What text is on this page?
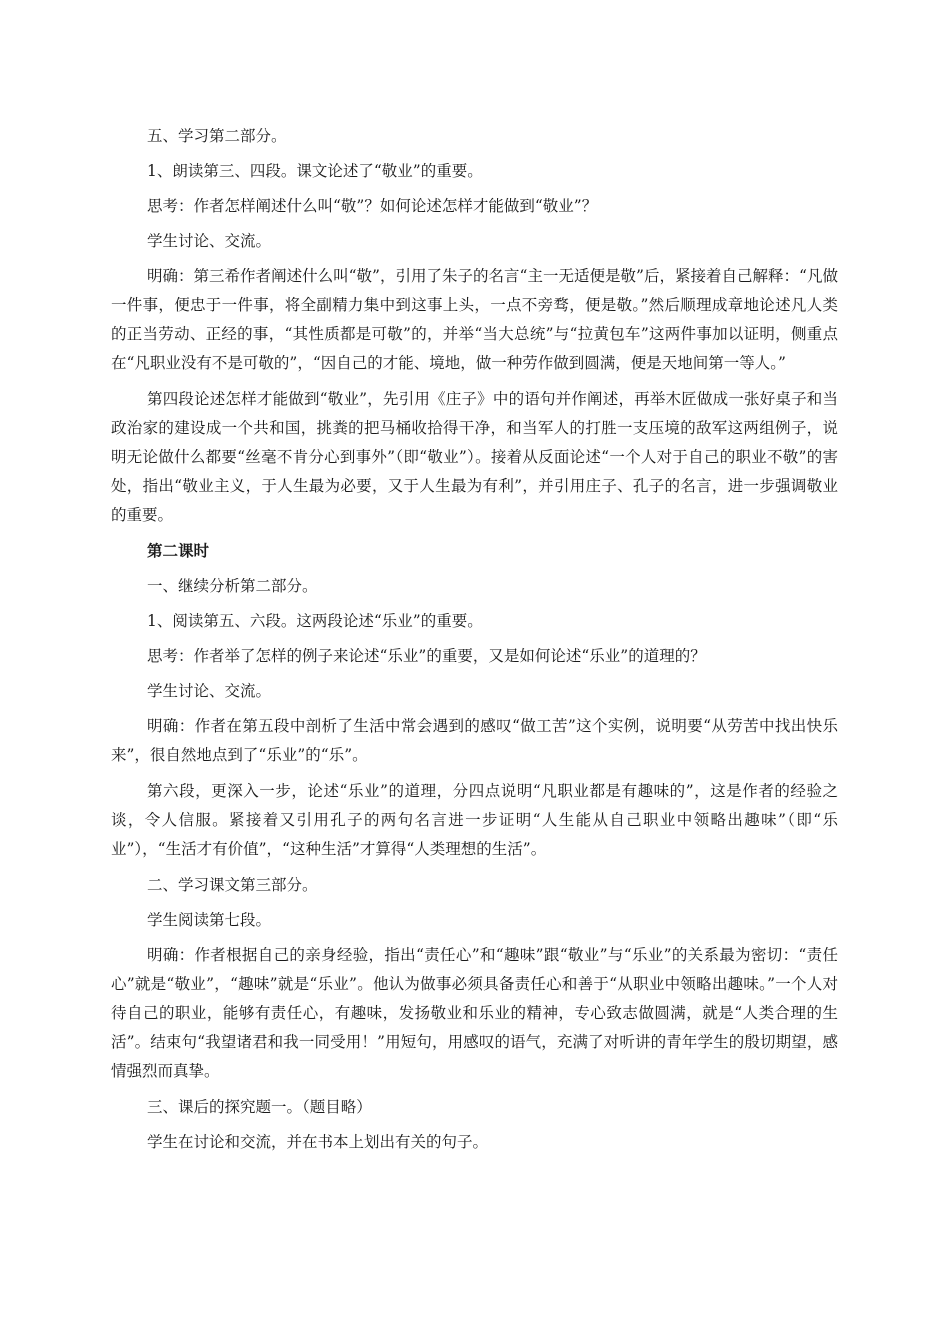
五、学习第二部分。

1、朗读第三、四段。课文论述了“敬业”的重要。

思考：作者怎样阐述什么叫“敬”？如何论述怎样才能做到“敬业”？

学生讨论、交流。

明确：第三希作者阐述什么叫“敬”，引用了朱子的名言“主一无适便是敬”后，紧接着自己解释：“凡做一件事，便忠于一件事，将全副精力集中到这事上头，一点不旁骛，便是敬。”然后顺理成章地论述凡人类的正当劳动、正经的事，“其性质都是可敬”的，并举“当大总统”与“拉黄包车”这两件事加以证明，侧重点在“凡职业没有不是可敬的”，“因自己的才能、境地，做一种劳作做到圆满，便是天地间第一等人。”

第四段论述怎样才能做到“敬业”，先引用《庄子》中的语句并作阐述，再举木匠做成一张好桌子和当政治家的建设成一个共和国，挑粪的把马桶收拾得干净，和当军人的打胜一支压境的敌军这两组例子，说明无论做什么都要“丝毫不肯分心到事外”（即“敬业”）。接着从反面论述“一个人对于自己的职业不敬”的害处，指出“敬业主义，于人生最为必要，又于人生最为有利”，并引用庄子、孔子的名言，进一步强调敬业的重要。

第二课时

一、继续分析第二部分。

1、阅读第五、六段。这两段论述“乐业”的重要。

思考：作者举了怎样的例子来论述“乐业”的重要，又是如何论述“乐业”的道理的？

学生讨论、交流。

明确：作者在第五段中剖析了生活中常会遇到的感叹“做工苦”这个实例，说明要“从劳苦中找出快乐来”，很自然地点到了“乐业”的“乐”。

第六段，更深入一步，论述“乐业”的道理，分四点说明“凡职业都是有趣味的”，这是作者的经验之谈，令人信服。紧接着又引用孔子的两句名言进一步证明“人生能从自己职业中领略出趣味”（即“乐业”），“生活才有价值”，“这种生活”才算得“人类理想的生活”。

二、学习课文第三部分。

学生阅读第七段。

明确：作者根据自己的亲身经验，指出“责任心”和“趣味”跟“敬业”与“乐业”的关系最为密切：“责任心”就是“敬业”，“趣味”就是“乐业”。他认为做事必须具备责任心和善于“从职业中领略出趣味。”一个人对待自己的职业，能够有责任心，有趣味，发扬敬业和乐业的精神，专心致志做圆满，就是“人类合理的生活”。结束句“我望诸君和我一同受用！”用短句，用感叹的语气，充满了对听讲的青年学生的殷切期望，感情强烈而真挚。

三、课后的探究题一。（题目略）

学生在讨论和交流，并在书本上划出有关的句子。
